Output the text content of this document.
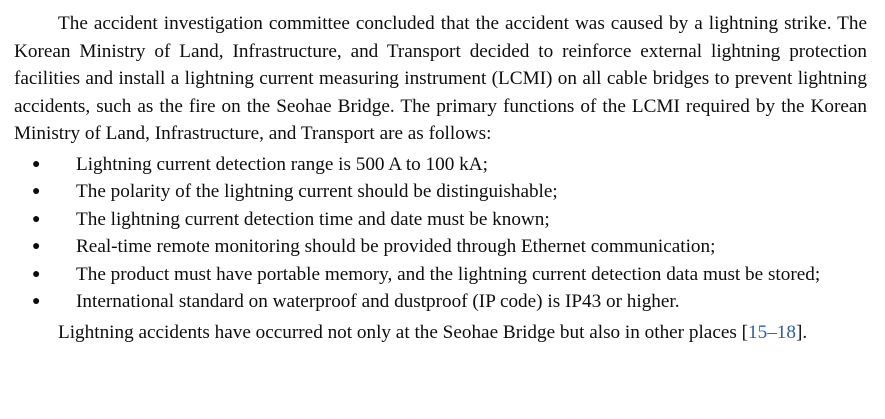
The accident investigation committee concluded that the accident was caused by a lightning strike. The Korean Ministry of Land, Infrastructure, and Transport decided to reinforce external lightning protection facilities and install a lightning current measuring instrument (LCMI) on all cable bridges to prevent lightning accidents, such as the fire on the Seohae Bridge. The primary functions of the LCMI required by the Korean Ministry of Land, Infrastructure, and Transport are as follows:

● Lightning current detection range is 500 A to 100 kA;
● The polarity of the lightning current should be distinguishable;
● The lightning current detection time and date must be known;
● Real-time remote monitoring should be provided through Ethernet communication;
● The product must have portable memory, and the lightning current detection data must be stored;
● International standard on waterproof and dustproof (IP code) is IP43 or higher.

Lightning accidents have occurred not only at the Seohae Bridge but also in other places [15–18].
